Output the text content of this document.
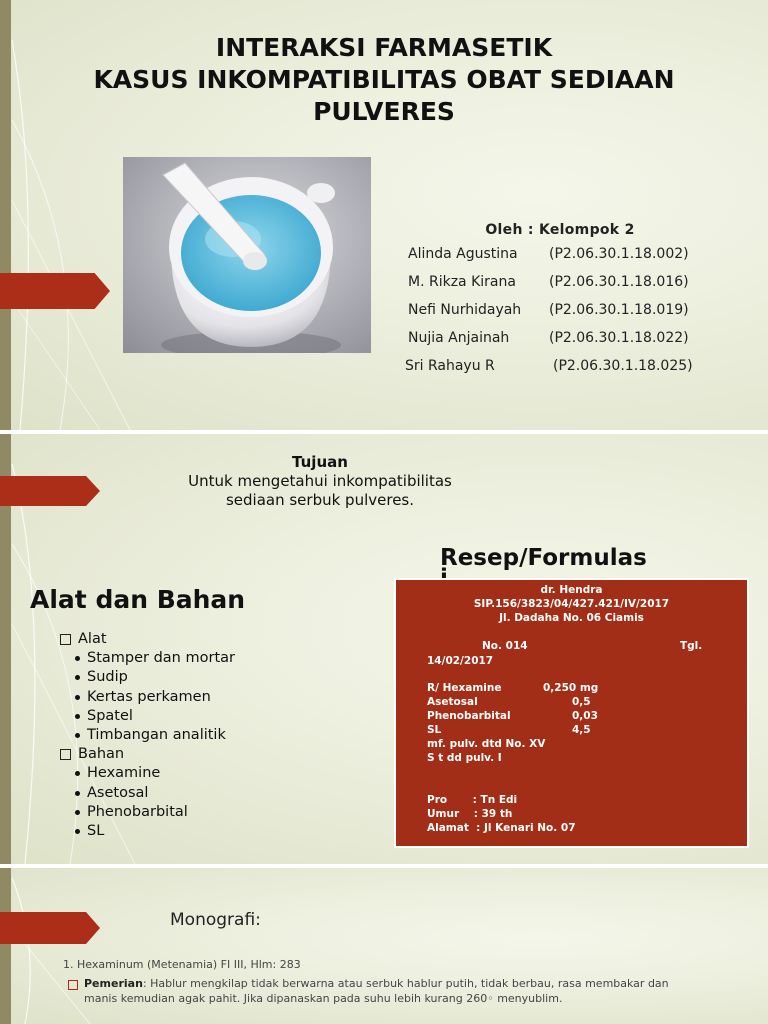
INTERAKSI FARMASETIK
KASUS INKOMPATIBILITAS OBAT SEDIAAN
PULVERES
Oleh : Kelompok 2
Alinda Agustina (P2.06.30.1.18.002)
M. Rikza Kirana (P2.06.30.1.18.016)
Nefi Nurhidayah (P2.06.30.1.18.019)
Nujia Anjainah	(P2.06.30.1.18.022)
Sri Rahayu R	(P2.06.30.1.18.025)
Tujuan
Untuk mengetahui inkompatibilitas
sediaan serbuk pulveres.
Resep/Formulas
Alat dan Bahan
Alat
Stamper dan mortar
Sudip
Kertas perkamen
Spatel
Timbangan analitik
Bahan
Hexamine
Asetosal
Phenobarbital
SL
dr. Hendra
SIP.156/3823/04/427.421/IV/2017
Jl. Dadaha No. 06 Ciamis
No. 014	Tgl.
14/02/2017
R/ Hexamine	0,250 mg
Asetosal	0,5
Phenobarbital	0,03
SL	4,5
mf. pulv. dtd No. XV
S t dd pulv. I
Pro       : Tn Edi
Umur    : 39 th
Alamat  : Jl Kenari No. 07
Monografi:
1. Hexaminum (Metenamia) FI III, Hlm: 283
Pemerian: Hablur mengkilap tidak berwarna atau serbuk hablur putih, tidak berbau, rasa membakar dan manis kemudian agak pahit. Jika dipanaskan pada suhu lebih kurang 260◦ menyublim.
